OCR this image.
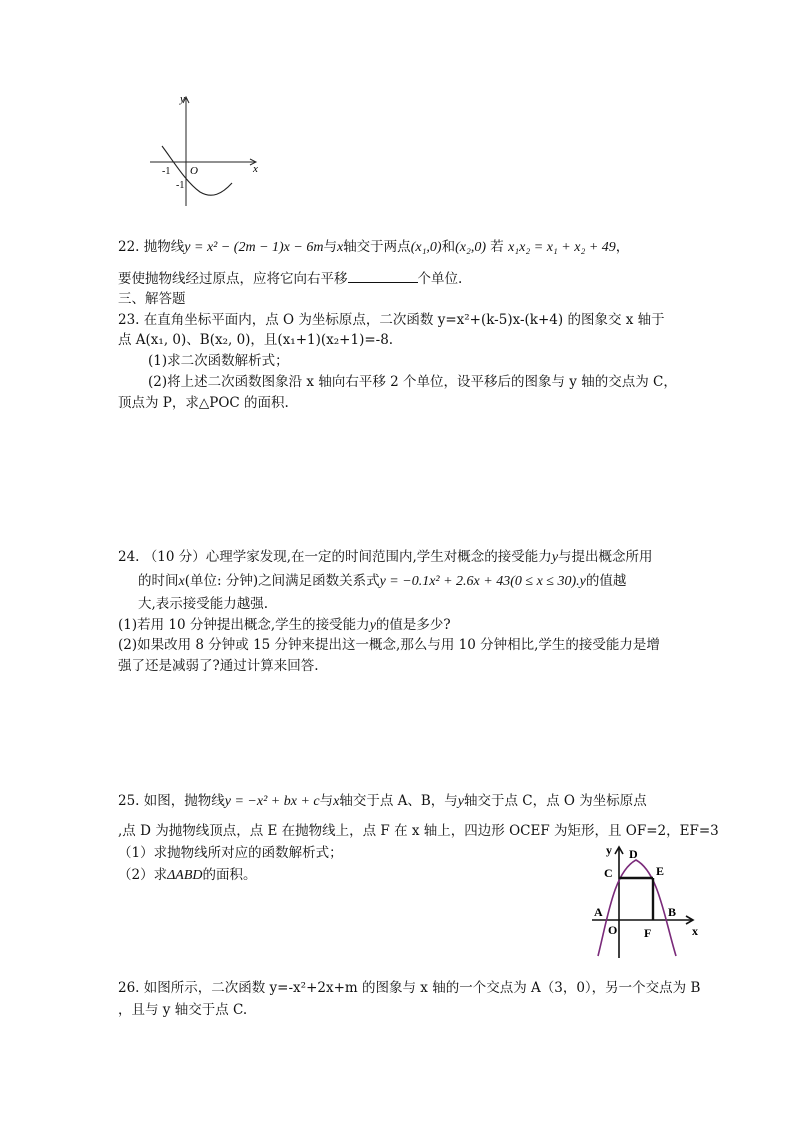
y
x
O
-1
-1
22. 抛物线y = x² − (2m − 1)x − 6m与x轴交于两点(x₁,0)和(x₂,0) 若 x₁x₂ = x₁ + x₂ + 49，
要使抛物线经过原点，应将它向右平移	个单位.
三、解答题
23. 在直角坐标平面内，点 O 为坐标原点，二次函数 y=x²+(k-5)x-(k+4) 的图象交 x 轴于
点 A(x₁, 0)、B(x₂, 0)，且(x₁+1)(x₂+1)=-8.
(1)求二次函数解析式；
(2)将上述二次函数图象沿 x 轴向右平移 2 个单位，设平移后的图象与 y 轴的交点为 C，
顶点为 P，求△POC 的面积.
24. （10 分）心理学家发现,在一定的时间范围内,学生对概念的接受能力y与提出概念所用
的时间x(单位: 分钟)之间满足函数关系式y = −0.1x² + 2.6x + 43(0 ≤ x ≤ 30).y的值越
大,表示接受能力越强.
(1)若用 10 分钟提出概念,学生的接受能力y的值是多少?
(2)如果改用 8 分钟或 15 分钟来提出这一概念,那么与用 10 分钟相比,学生的接受能力是增
强了还是减弱了?通过计算来回答.
25. 如图，抛物线y = −x² + bx + c与x轴交于点 A、B，与y轴交于点 C，点 O 为坐标原点
,点 D 为抛物线顶点，点 E 在抛物线上，点 F 在 x 轴上，四边形 OCEF 为矩形，且 OF=2，EF=3
（1）求抛物线所对应的函数解析式；
（2）求ΔABD的面积。
y D
C	E
A	B
O F	x
26. 如图所示，二次函数 y=-x²+2x+m 的图象与 x 轴的一个交点为 A（3，0），另一个交点为 B
，且与 y 轴交于点 C.
